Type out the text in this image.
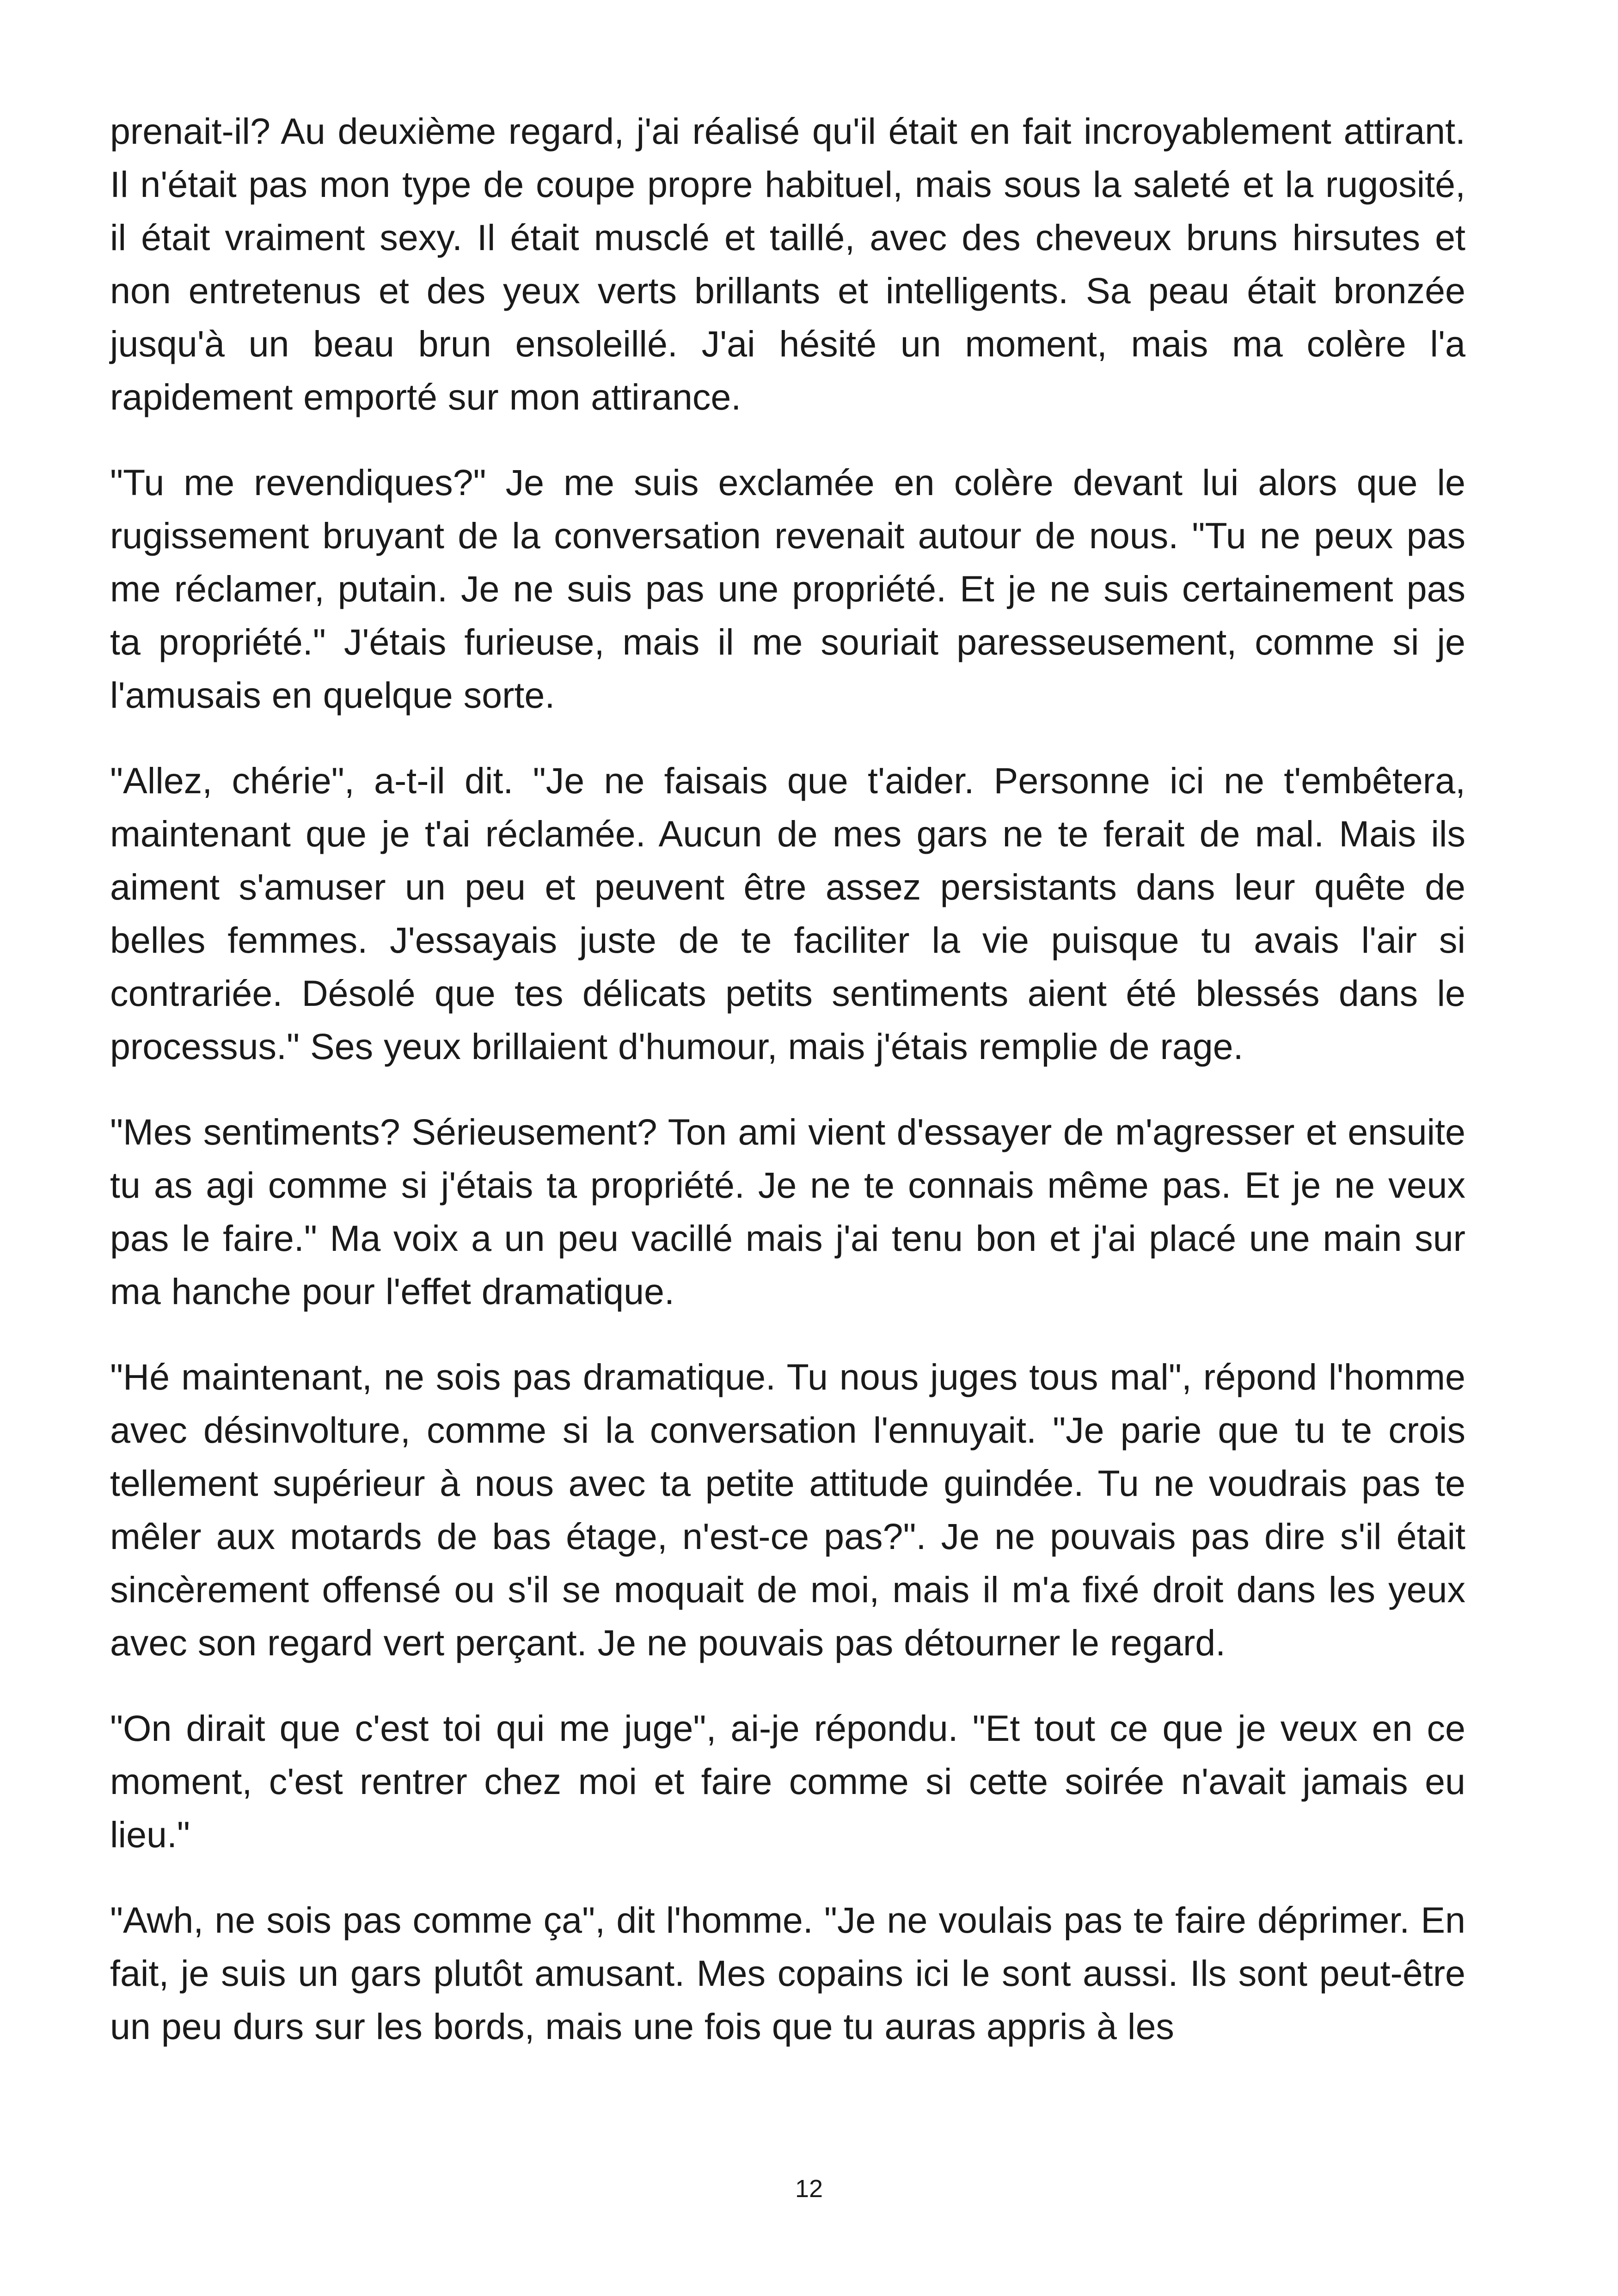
prenait-il? Au deuxième regard, j'ai réalisé qu'il était en fait incroyablement attirant. Il n'était pas mon type de coupe propre habituel, mais sous la saleté et la rugosité, il était vraiment sexy. Il était musclé et taillé, avec des cheveux bruns hirsutes et non entretenus et des yeux verts brillants et intelligents. Sa peau était bronzée jusqu'à un beau brun ensoleillé. J'ai hésité un moment, mais ma colère l'a rapidement emporté sur mon attirance.

"Tu me revendiques?" Je me suis exclamée en colère devant lui alors que le rugissement bruyant de la conversation revenait autour de nous. "Tu ne peux pas me réclamer, putain. Je ne suis pas une propriété. Et je ne suis certainement pas ta propriété." J'étais furieuse, mais il me souriait paresseusement, comme si je l'amusais en quelque sorte.

"Allez, chérie", a-t-il dit. "Je ne faisais que t'aider. Personne ici ne t'embêtera, maintenant que je t'ai réclamée. Aucun de mes gars ne te ferait de mal. Mais ils aiment s'amuser un peu et peuvent être assez persistants dans leur quête de belles femmes. J'essayais juste de te faciliter la vie puisque tu avais l'air si contrariée. Désolé que tes délicats petits sentiments aient été blessés dans le processus." Ses yeux brillaient d'humour, mais j'étais remplie de rage.

"Mes sentiments? Sérieusement? Ton ami vient d'essayer de m'agresser et ensuite tu as agi comme si j'étais ta propriété. Je ne te connais même pas. Et je ne veux pas le faire." Ma voix a un peu vacillé mais j'ai tenu bon et j'ai placé une main sur ma hanche pour l'effet dramatique.

"Hé maintenant, ne sois pas dramatique. Tu nous juges tous mal", répond l'homme avec désinvolture, comme si la conversation l'ennuyait. "Je parie que tu te crois tellement supérieur à nous avec ta petite attitude guindée. Tu ne voudrais pas te mêler aux motards de bas étage, n'est-ce pas?". Je ne pouvais pas dire s'il était sincèrement offensé ou s'il se moquait de moi, mais il m'a fixé droit dans les yeux avec son regard vert perçant. Je ne pouvais pas détourner le regard.

"On dirait que c'est toi qui me juge", ai-je répondu. "Et tout ce que je veux en ce moment, c'est rentrer chez moi et faire comme si cette soirée n'avait jamais eu lieu."

"Awh, ne sois pas comme ça", dit l'homme. "Je ne voulais pas te faire déprimer. En fait, je suis un gars plutôt amusant. Mes copains ici le sont aussi. Ils sont peut-être un peu durs sur les bords, mais une fois que tu auras appris à les

12
